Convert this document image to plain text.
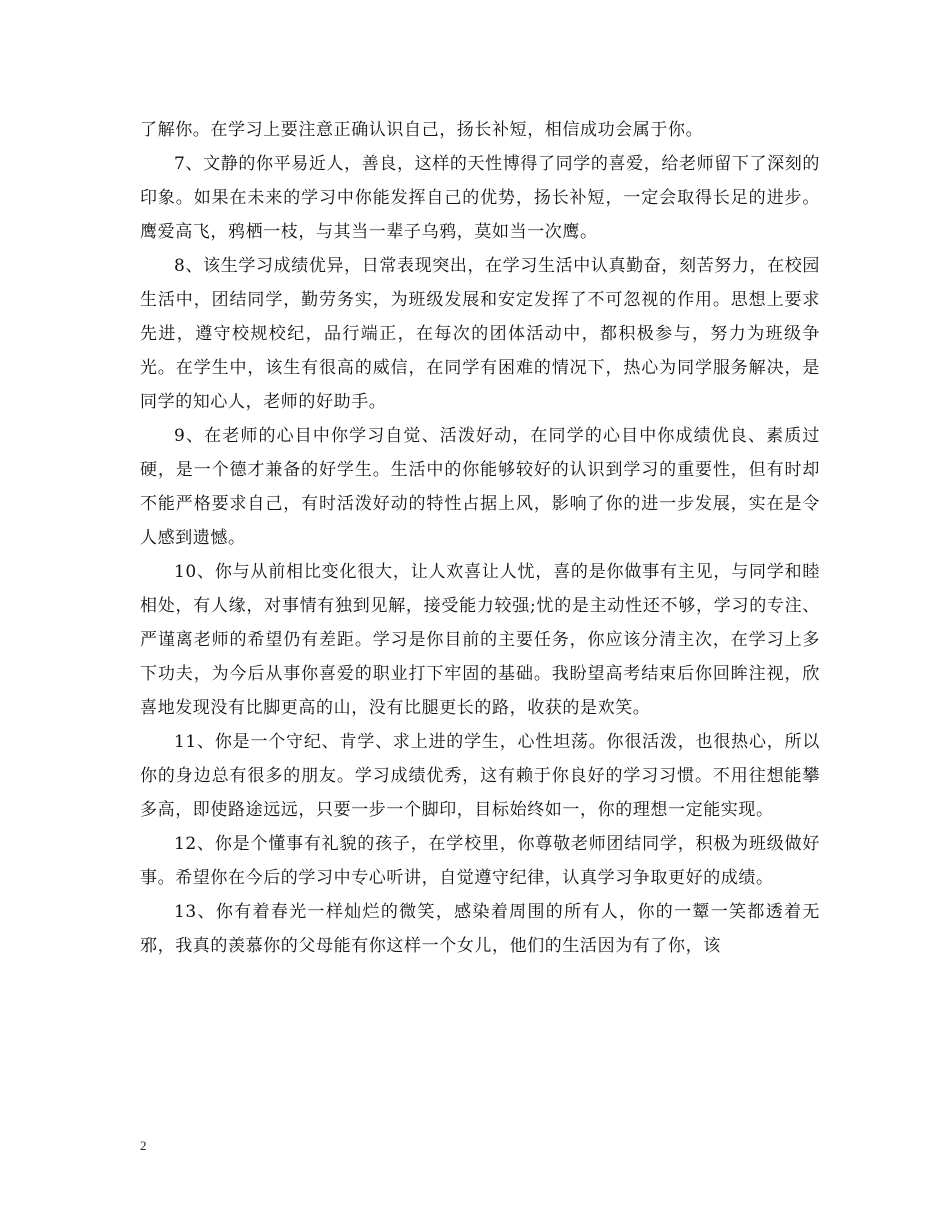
了解你。在学习上要注意正确认识自己，扬长补短，相信成功会属于你。

7、文静的你平易近人，善良，这样的天性博得了同学的喜爱，给老师留下了深刻的印象。如果在未来的学习中你能发挥自己的优势，扬长补短，一定会取得长足的进步。鹰爱高飞，鸦栖一枝，与其当一辈子乌鸦，莫如当一次鹰。

8、该生学习成绩优异，日常表现突出，在学习生活中认真勤奋，刻苦努力，在校园生活中，团结同学，勤劳务实，为班级发展和安定发挥了不可忽视的作用。思想上要求先进，遵守校规校纪，品行端正，在每次的团体活动中，都积极参与，努力为班级争光。在学生中，该生有很高的威信，在同学有困难的情况下，热心为同学服务解决，是同学的知心人，老师的好助手。

9、在老师的心目中你学习自觉、活泼好动，在同学的心目中你成绩优良、素质过硬，是一个德才兼备的好学生。生活中的你能够较好的认识到学习的重要性，但有时却不能严格要求自己，有时活泼好动的特性占据上风，影响了你的进一步发展，实在是令人感到遗憾。

10、你与从前相比变化很大，让人欢喜让人忧，喜的是你做事有主见，与同学和睦相处，有人缘，对事情有独到见解，接受能力较强;忧的是主动性还不够，学习的专注、严谨离老师的希望仍有差距。学习是你目前的主要任务，你应该分清主次，在学习上多下功夫，为今后从事你喜爱的职业打下牢固的基础。我盼望高考结束后你回眸注视，欣喜地发现没有比脚更高的山，没有比腿更长的路，收获的是欢笑。

11、你是一个守纪、肯学、求上进的学生，心性坦荡。你很活泼，也很热心，所以你的身边总有很多的朋友。学习成绩优秀，这有赖于你良好的学习习惯。不用往想能攀多高，即使路途远远，只要一步一个脚印，目标始终如一，你的理想一定能实现。

12、你是个懂事有礼貌的孩子，在学校里，你尊敬老师团结同学，积极为班级做好事。希望你在今后的学习中专心听讲，自觉遵守纪律，认真学习争取更好的成绩。

13、你有着春光一样灿烂的微笑，感染着周围的所有人，你的一颦一笑都透着无邪，我真的羡慕你的父母能有你这样一个女儿，他们的生活因为有了你，该

2
